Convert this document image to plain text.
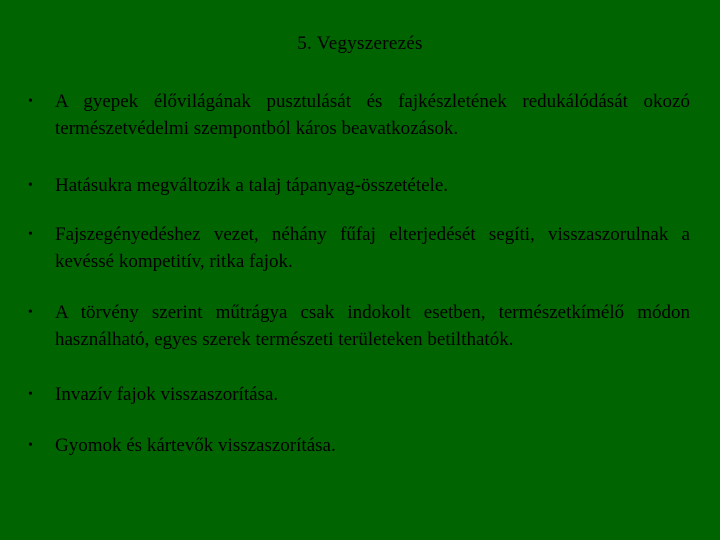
5. Vegyszerezés
•	A gyepek élővilágának pusztulását és fajkészletének redukálódását okozó természetvédelmi szempontból káros beavatkozások.
•	Hatásukra megváltozik a talaj tápanyag-összetétele.
•	Fajszegényedéshez vezet, néhány fűfaj elterjedését segíti, visszaszorulnak a kevéssé kompetitív, ritka fajok.
•	A törvény szerint műtrágya csak indokolt esetben, természetkímélő módon használható, egyes szerek természeti területeken betilthatók.
•	Invazív fajok visszaszorítása.
•	Gyomok és kártevők visszaszorítása.
